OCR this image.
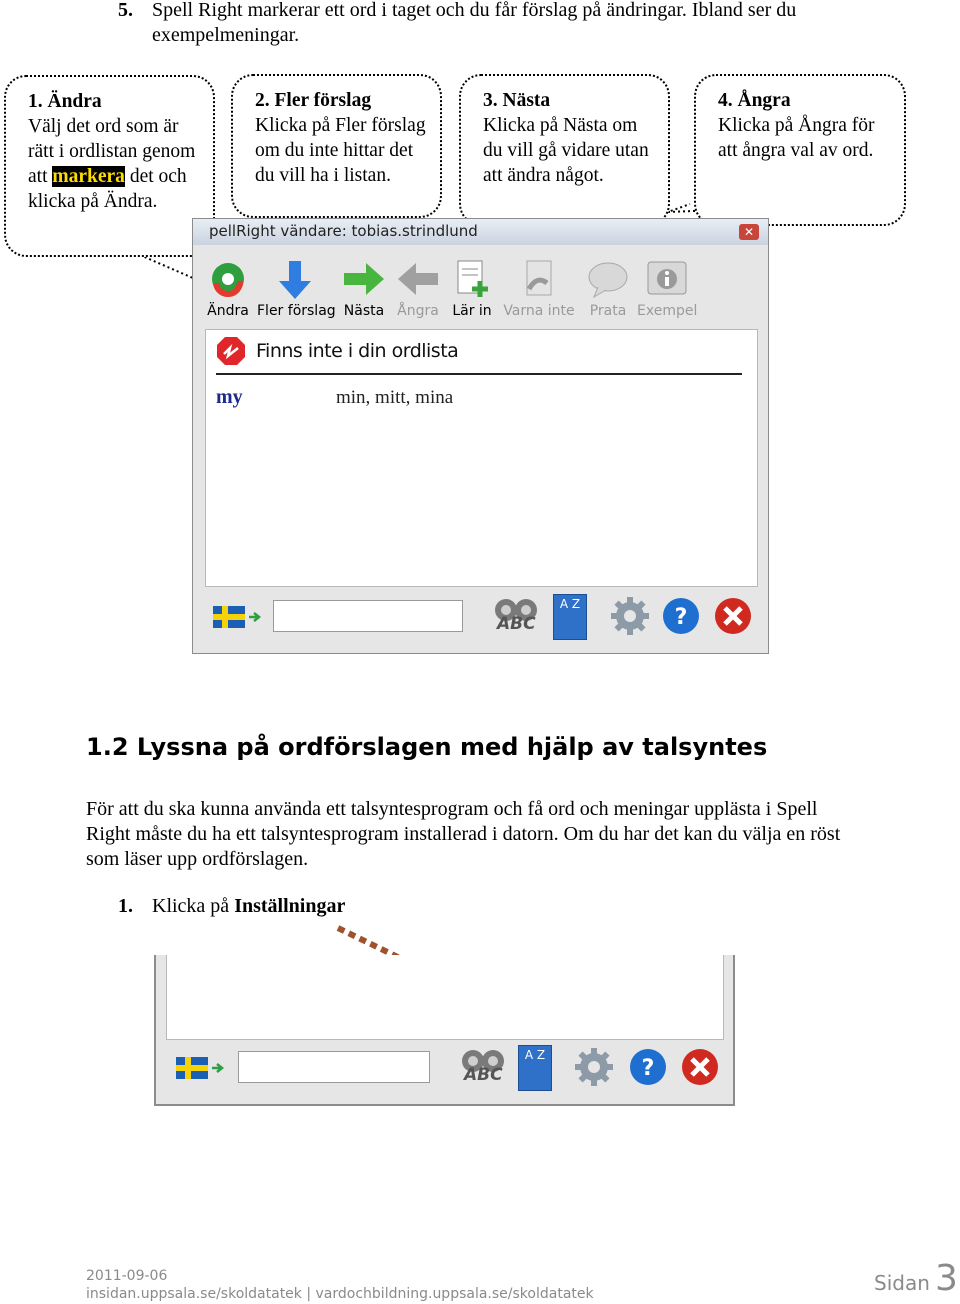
5. Spell Right markerar ett ord i taget och du får förslag på ändringar. Ibland ser du exempelmeningar.
1. Ändra
Välj det ord som är rätt i ordlistan genom att markera det och klicka på Ändra.
2. Fler förslag
Klicka på Fler förslag om du inte hittar det du vill ha i listan.
3. Nästa
Klicka på Nästa om du vill gå vidare utan att ändra något.
4. Ångra
Klicka på Ångra för att ångra val av ord.
pellRight vändare: tobias.strindlund	✕
Ändra Fler förslag Nästa Ångra Lär in Varna inte	Prata Exempel
Finns inte i din ordlista
my	min, mitt, mina
ABC
A Z
?
1.2 Lyssna på ordförslagen med hjälp av talsyntes
För att du ska kunna använda ett talsyntesprogram och få ord och meningar upplästa i Spell Right måste du ha ett talsyntesprogram installerad i datorn. Om du har det kan du välja en röst som läser upp ordförslagen.
1. Klicka på Inställningar
ABC
A Z
?
2011-09-06
insidan.uppsala.se/skoldatatek | vardochbildning.uppsala.se/skoldatatek	Sidan 3
